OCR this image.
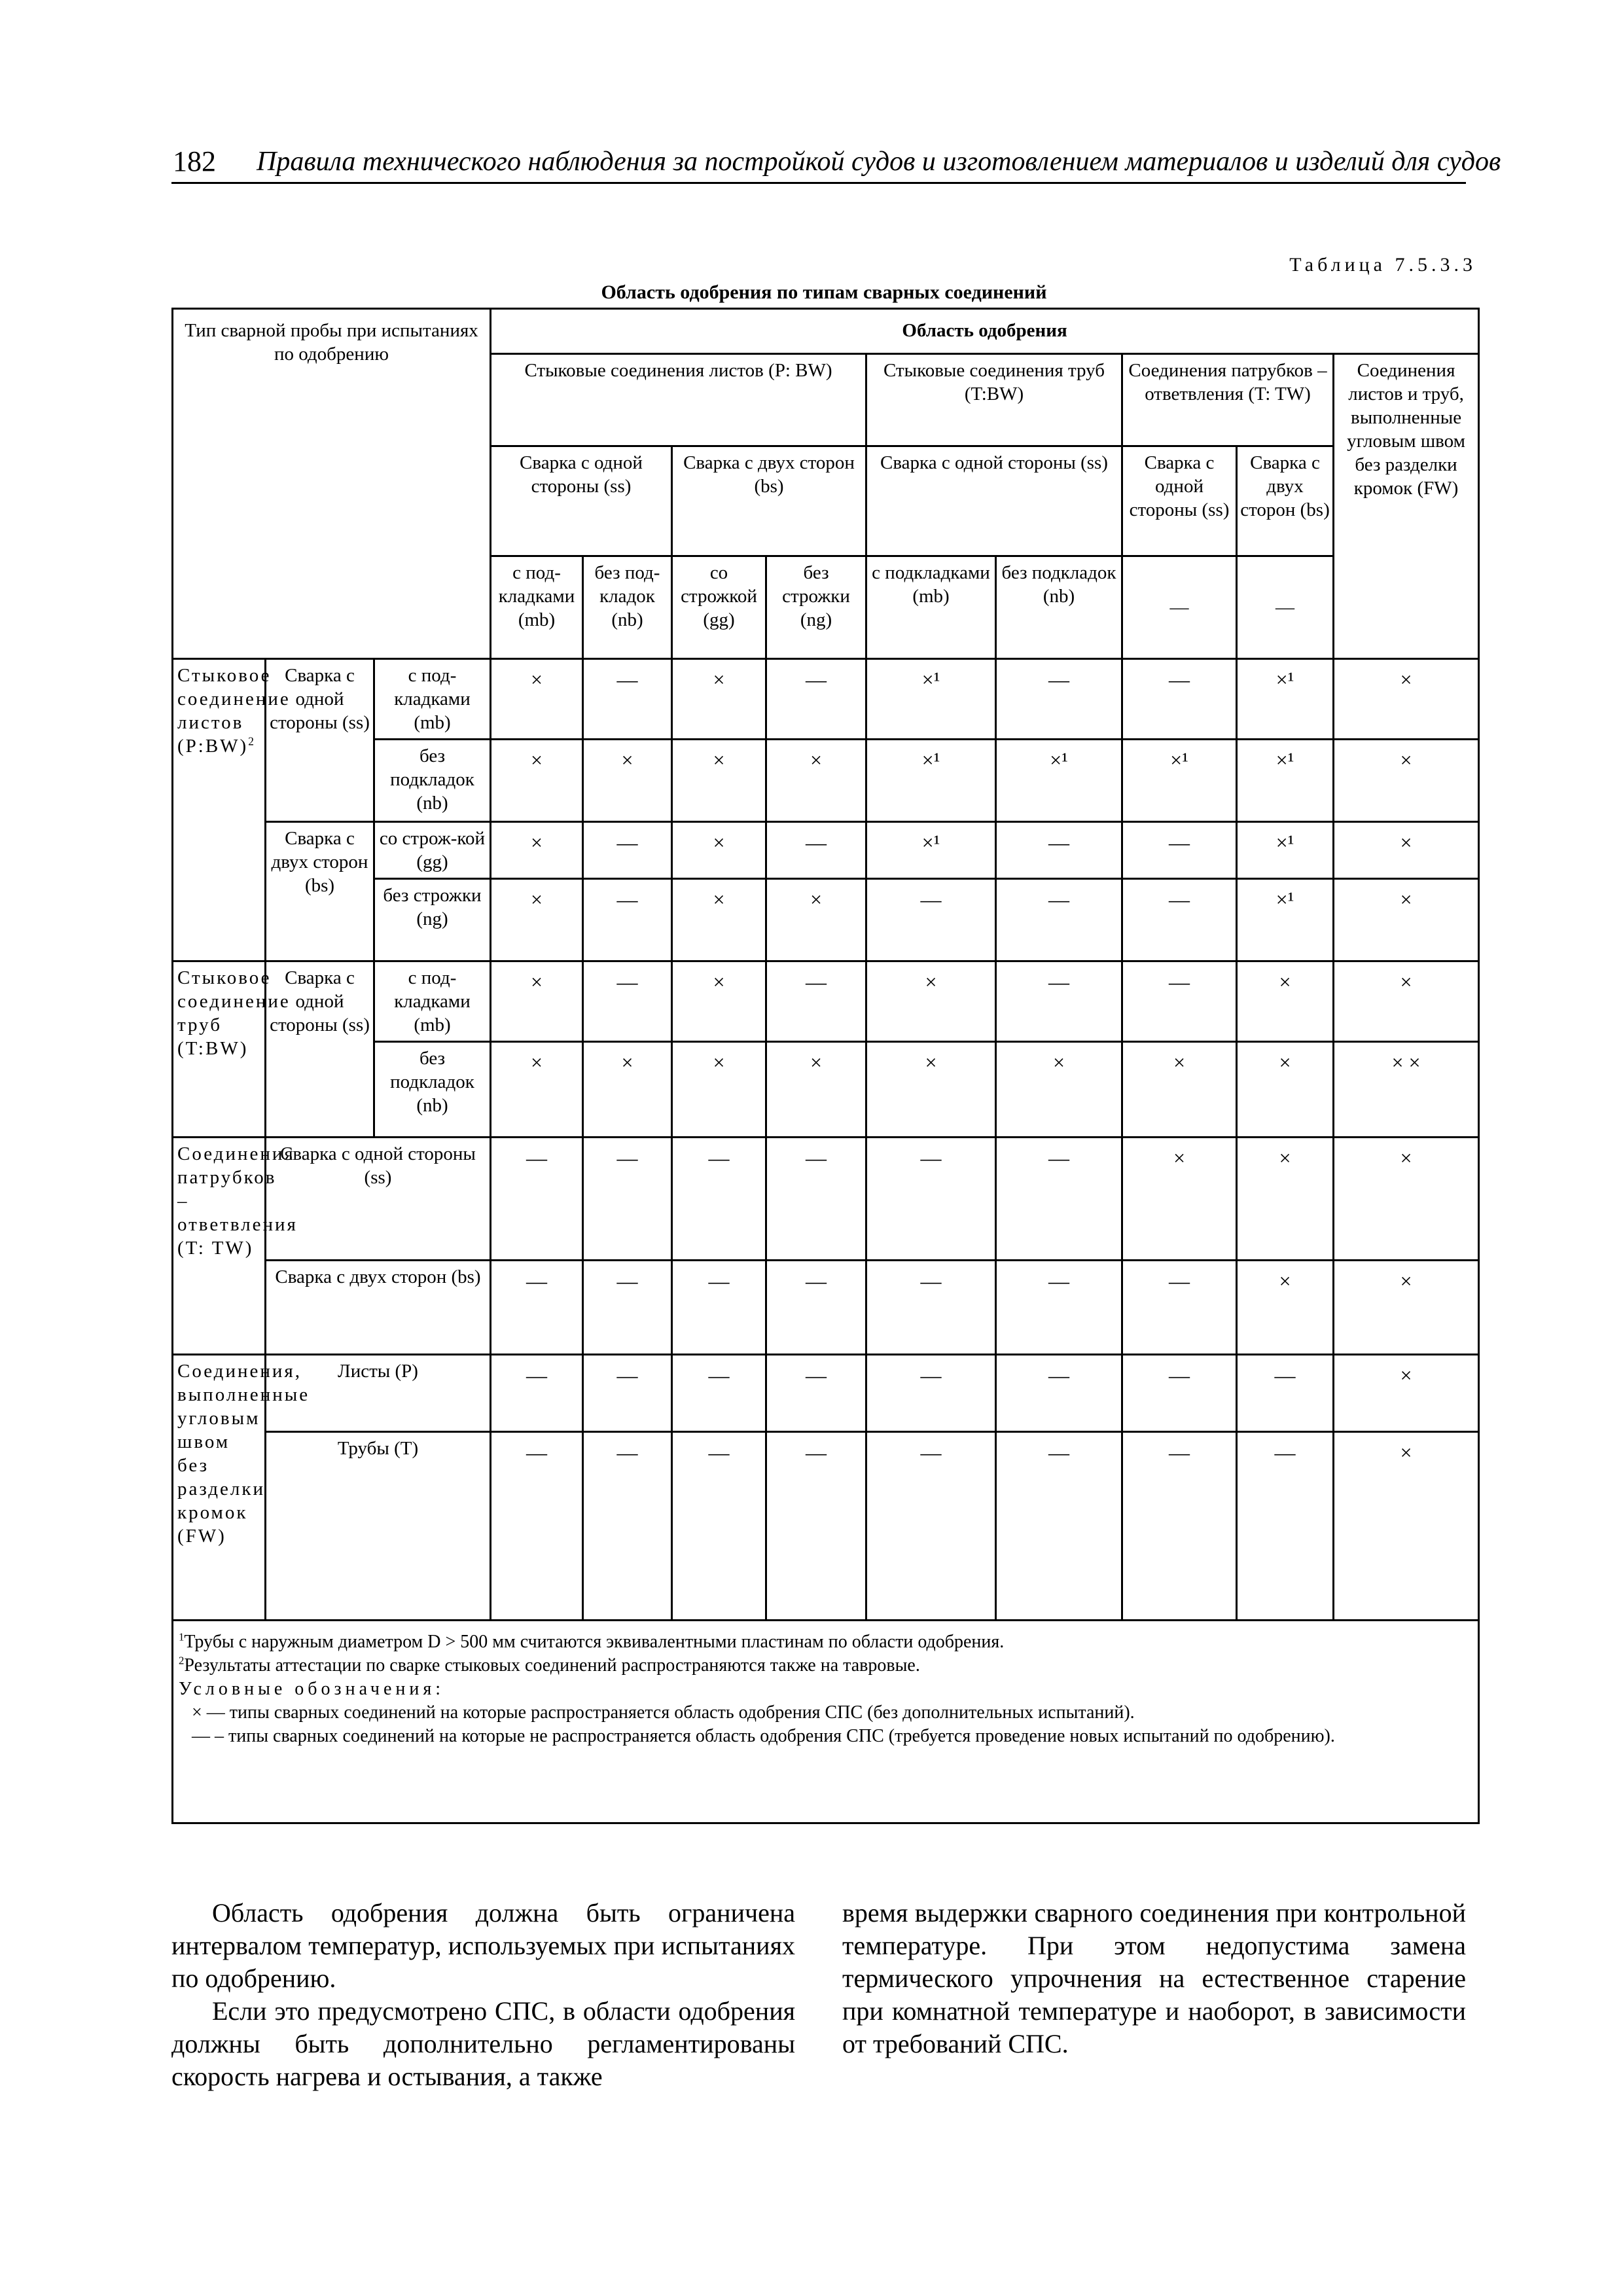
182 Правила технического наблюдения за постройкой судов и изготовлением материалов и изделий для судов
Таблица 7.5.3.3
Область одобрения по типам сварных соединений
Тип сварной пробы при испытаниях по одобрению			Область одобрения								
			Стыковые соединения листов (P: BW)				Стыковые соединения труб (T:BW)		Соединения патрубков – ответвления (T: TW)		Соединения листов и труб, выполненные угловым швом без разделки кромок (FW)
			Сварка с одной стороны (ss)		Сварка с двух сторон (bs)		Сварка с одной стороны (ss)		Сварка с одной стороны (ss)	Сварка с двух сторон (bs)	
			с под-кладками (mb)	без под-кладок (nb)	со строжкой (gg)	без строжки (ng)	с подкладками (mb)	без подкладок (nb)	—	—	
Стыковое соединение листов (P:BW)$^2$	Сварка с одной стороны (ss)	с под-кладками (mb)	×	—	×	—	×¹	—	—	×¹	×
		без подкладок (nb)	×	×	×	×	×¹	×¹	×¹	×¹	×
	Сварка с двух сторон (bs)	со строж-кой (gg)	×	—	×	—	×¹	—	—	×¹	×
		без строжки (ng)	×	—	×	×	—	—	—	×¹	×
Стыковое соединение труб (T:BW)	Сварка с одной стороны (ss)	с под-кладками (mb)	×	—	×	—	×	—	—	×	×
		без подкладок (nb)	×	×	×	×	×	×	×	×	× ×
Соединения патрубков – ответвления (T: TW)	Сварка с одной стороны (ss)		—	—	—	—	—	—	×	×	×
	Сварка с двух сторон (bs)		—	—	—	—	—	—	—	×	×
Соединения, выполненные угловым швом без разделки кромок (FW)	Листы (P)		—	—	—	—	—	—	—	—	×
	Трубы (T)		—	—	—	—	—	—	—	—	×

$^1$Трубы с наружным диаметром D > 500 мм считаются эквивалентными пластинам по области одобрения.
$^2$Результаты аттестации по сварке стыковых соединений распространяются также на тавровые.
Условные обозначения:
× — типы сварных соединений на которые распространяется область одобрения СПС (без дополнительных испытаний).
— – типы сварных соединений на которые не распространяется область одобрения СПС (требуется проведение новых испытаний по одобрению).											

Область одобрения должна быть ограничена интервалом температур, используемых при испытаниях по одобрению.

Если это предусмотрено СПС, в области одобрения должны быть дополнительно регламентированы скорость нагрева и остывания, а также

время выдержки сварного соединения при контрольной температуре. При этом недопустима замена термического упрочнения на естественное старение при комнатной температуре и наоборот, в зависимости от требований СПС.
